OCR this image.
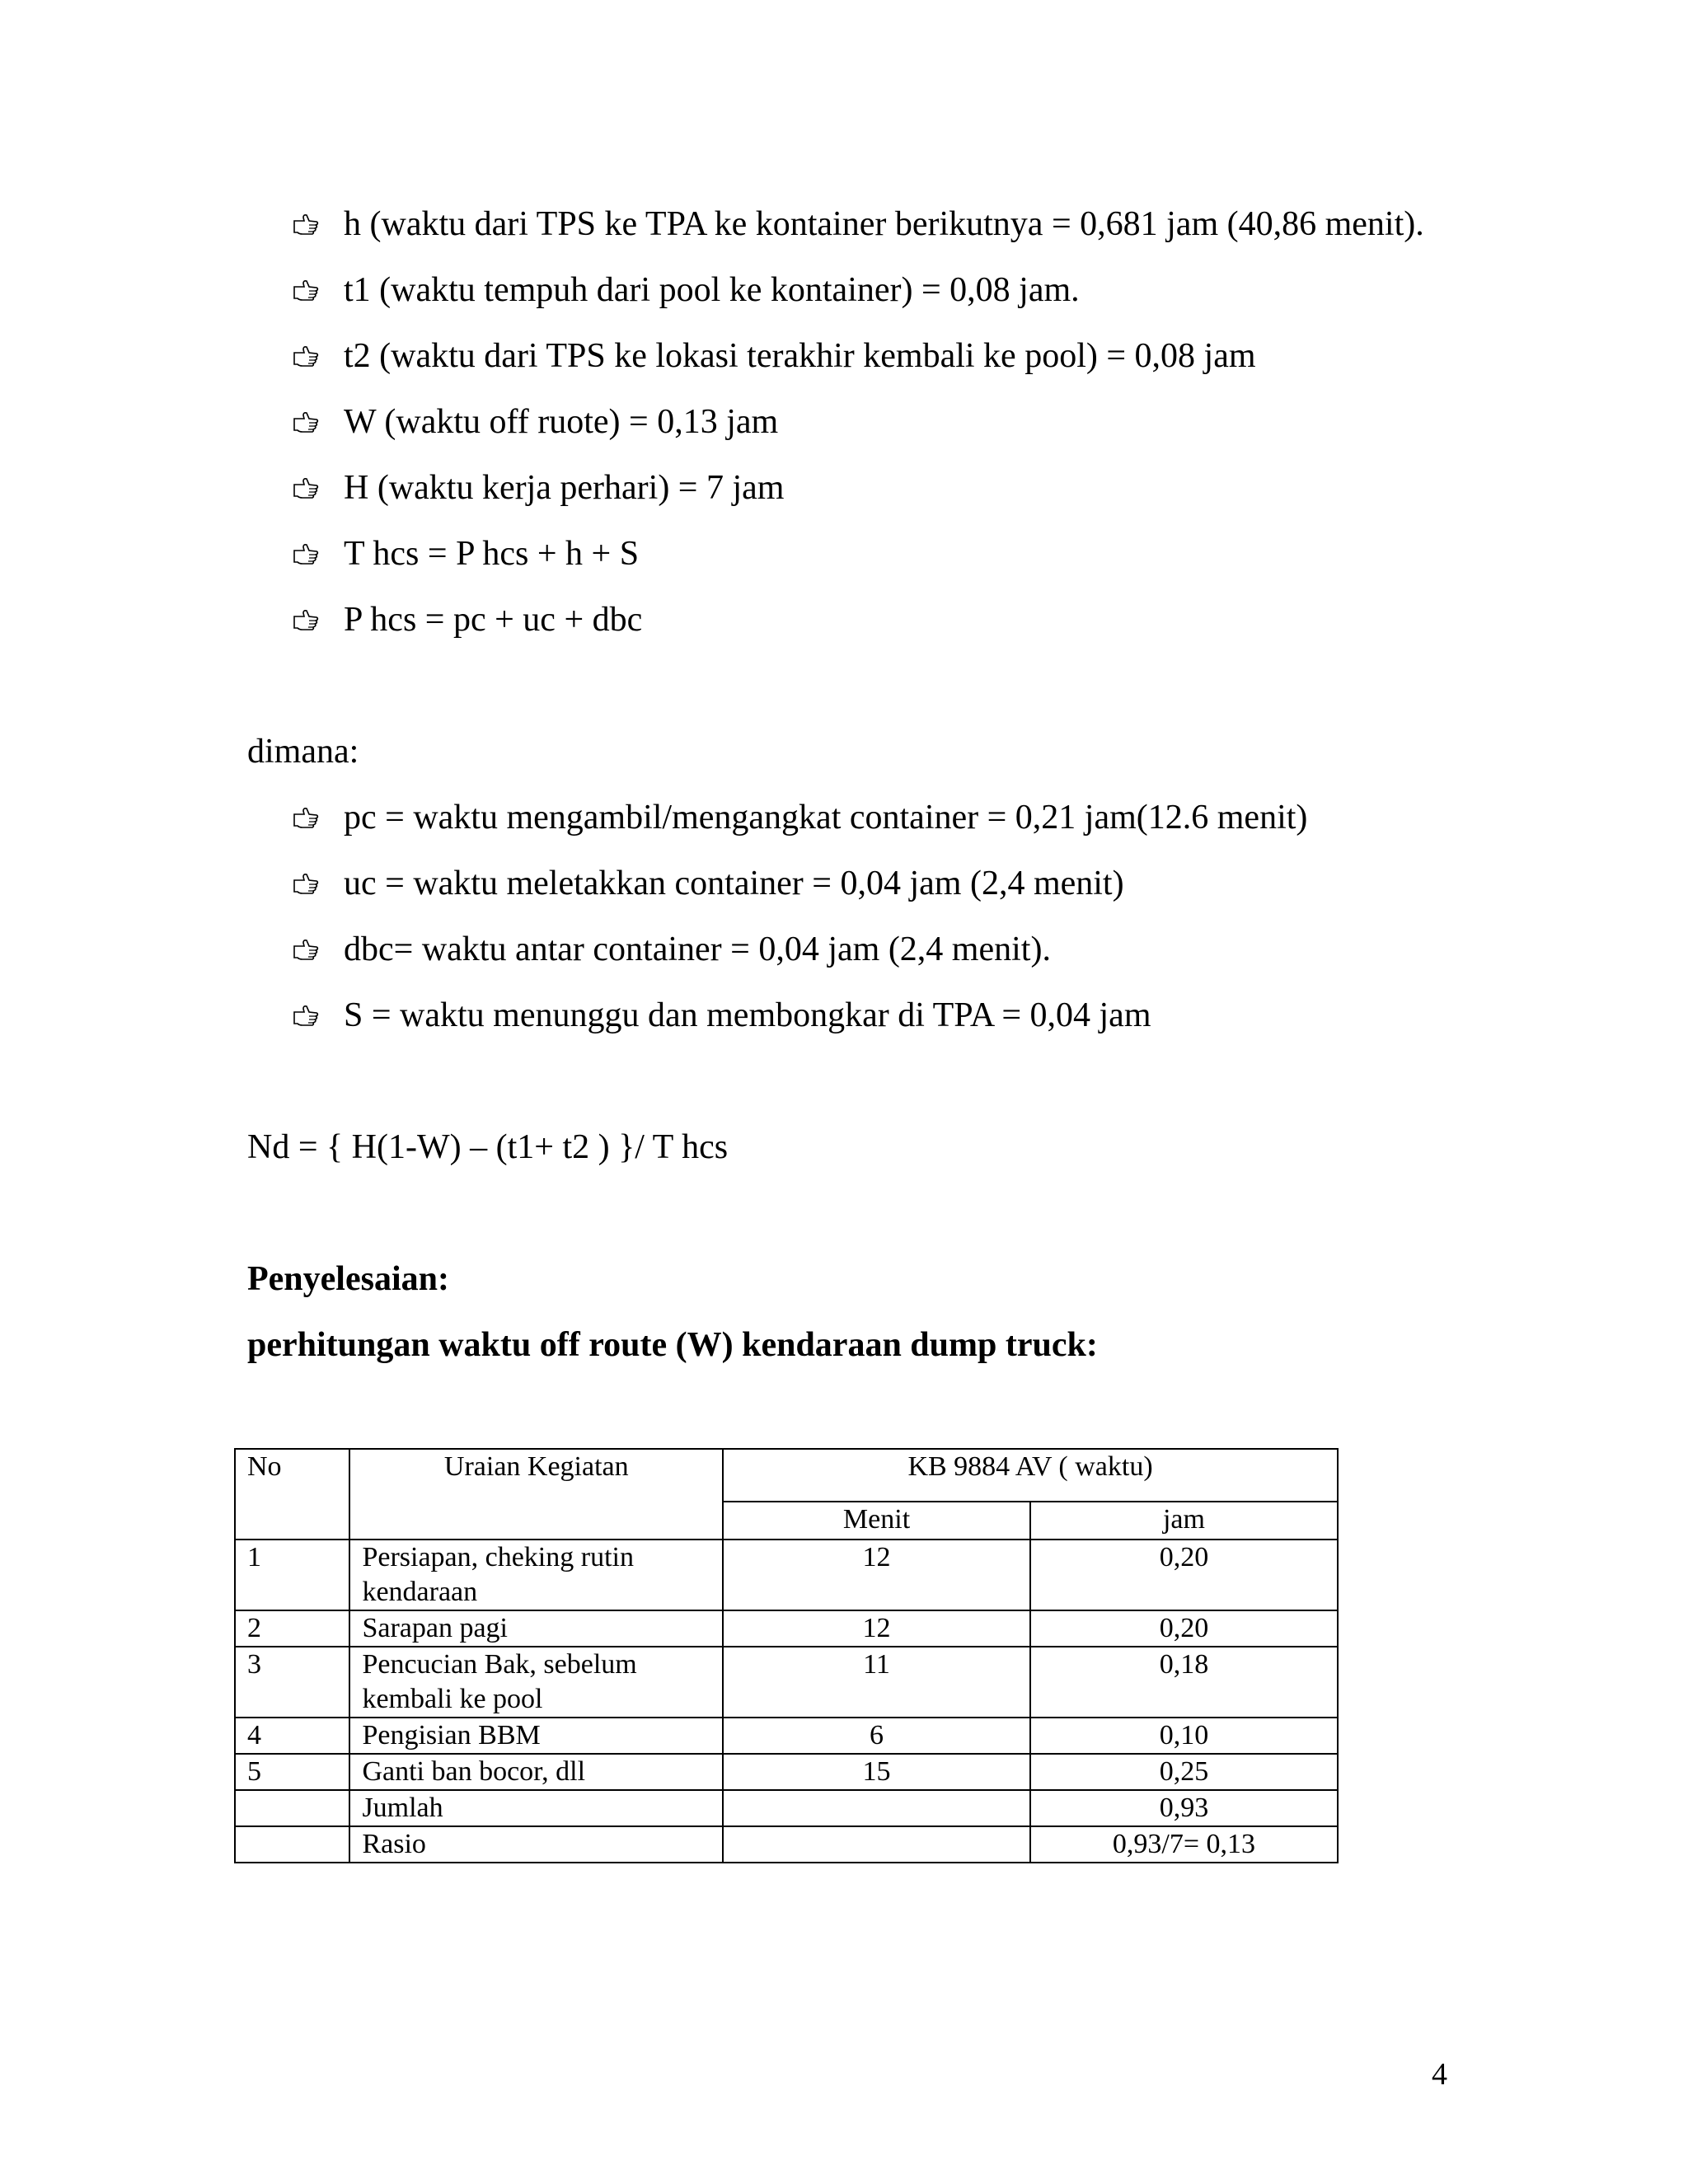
h (waktu dari TPS ke TPA ke kontainer berikutnya = 0,681 jam (40,86 menit).
t1 (waktu tempuh dari pool ke kontainer) = 0,08 jam.
t2 (waktu dari TPS ke lokasi terakhir kembali ke pool) = 0,08 jam
W (waktu off ruote) = 0,13 jam
H (waktu kerja perhari) = 7 jam
T hcs = P hcs + h + S
P hcs = pc + uc + dbc
dimana:
pc = waktu mengambil/mengangkat container = 0,21 jam(12.6 menit)
uc = waktu meletakkan container = 0,04 jam (2,4 menit)
dbc= waktu antar container = 0,04 jam (2,4 menit).
S = waktu menunggu dan membongkar di TPA = 0,04 jam
Nd = { H(1-W) – (t1+ t2 ) }/ T hcs
Penyelesaian:
perhitungan waktu off route (W) kendaraan dump truck:
No	Uraian Kegiatan	KB 9884 AV ( waktu)	
		Menit	jam
1	Persiapan, cheking rutin kendaraan	12	0,20
2	Sarapan pagi	12	0,20
3	Pencucian Bak, sebelum kembali ke pool	11	0,18
4	Pengisian BBM	6	0,10
5	Ganti ban bocor, dll	15	0,25
	Jumlah		0,93
	Rasio		0,93/7= 0,13
4
